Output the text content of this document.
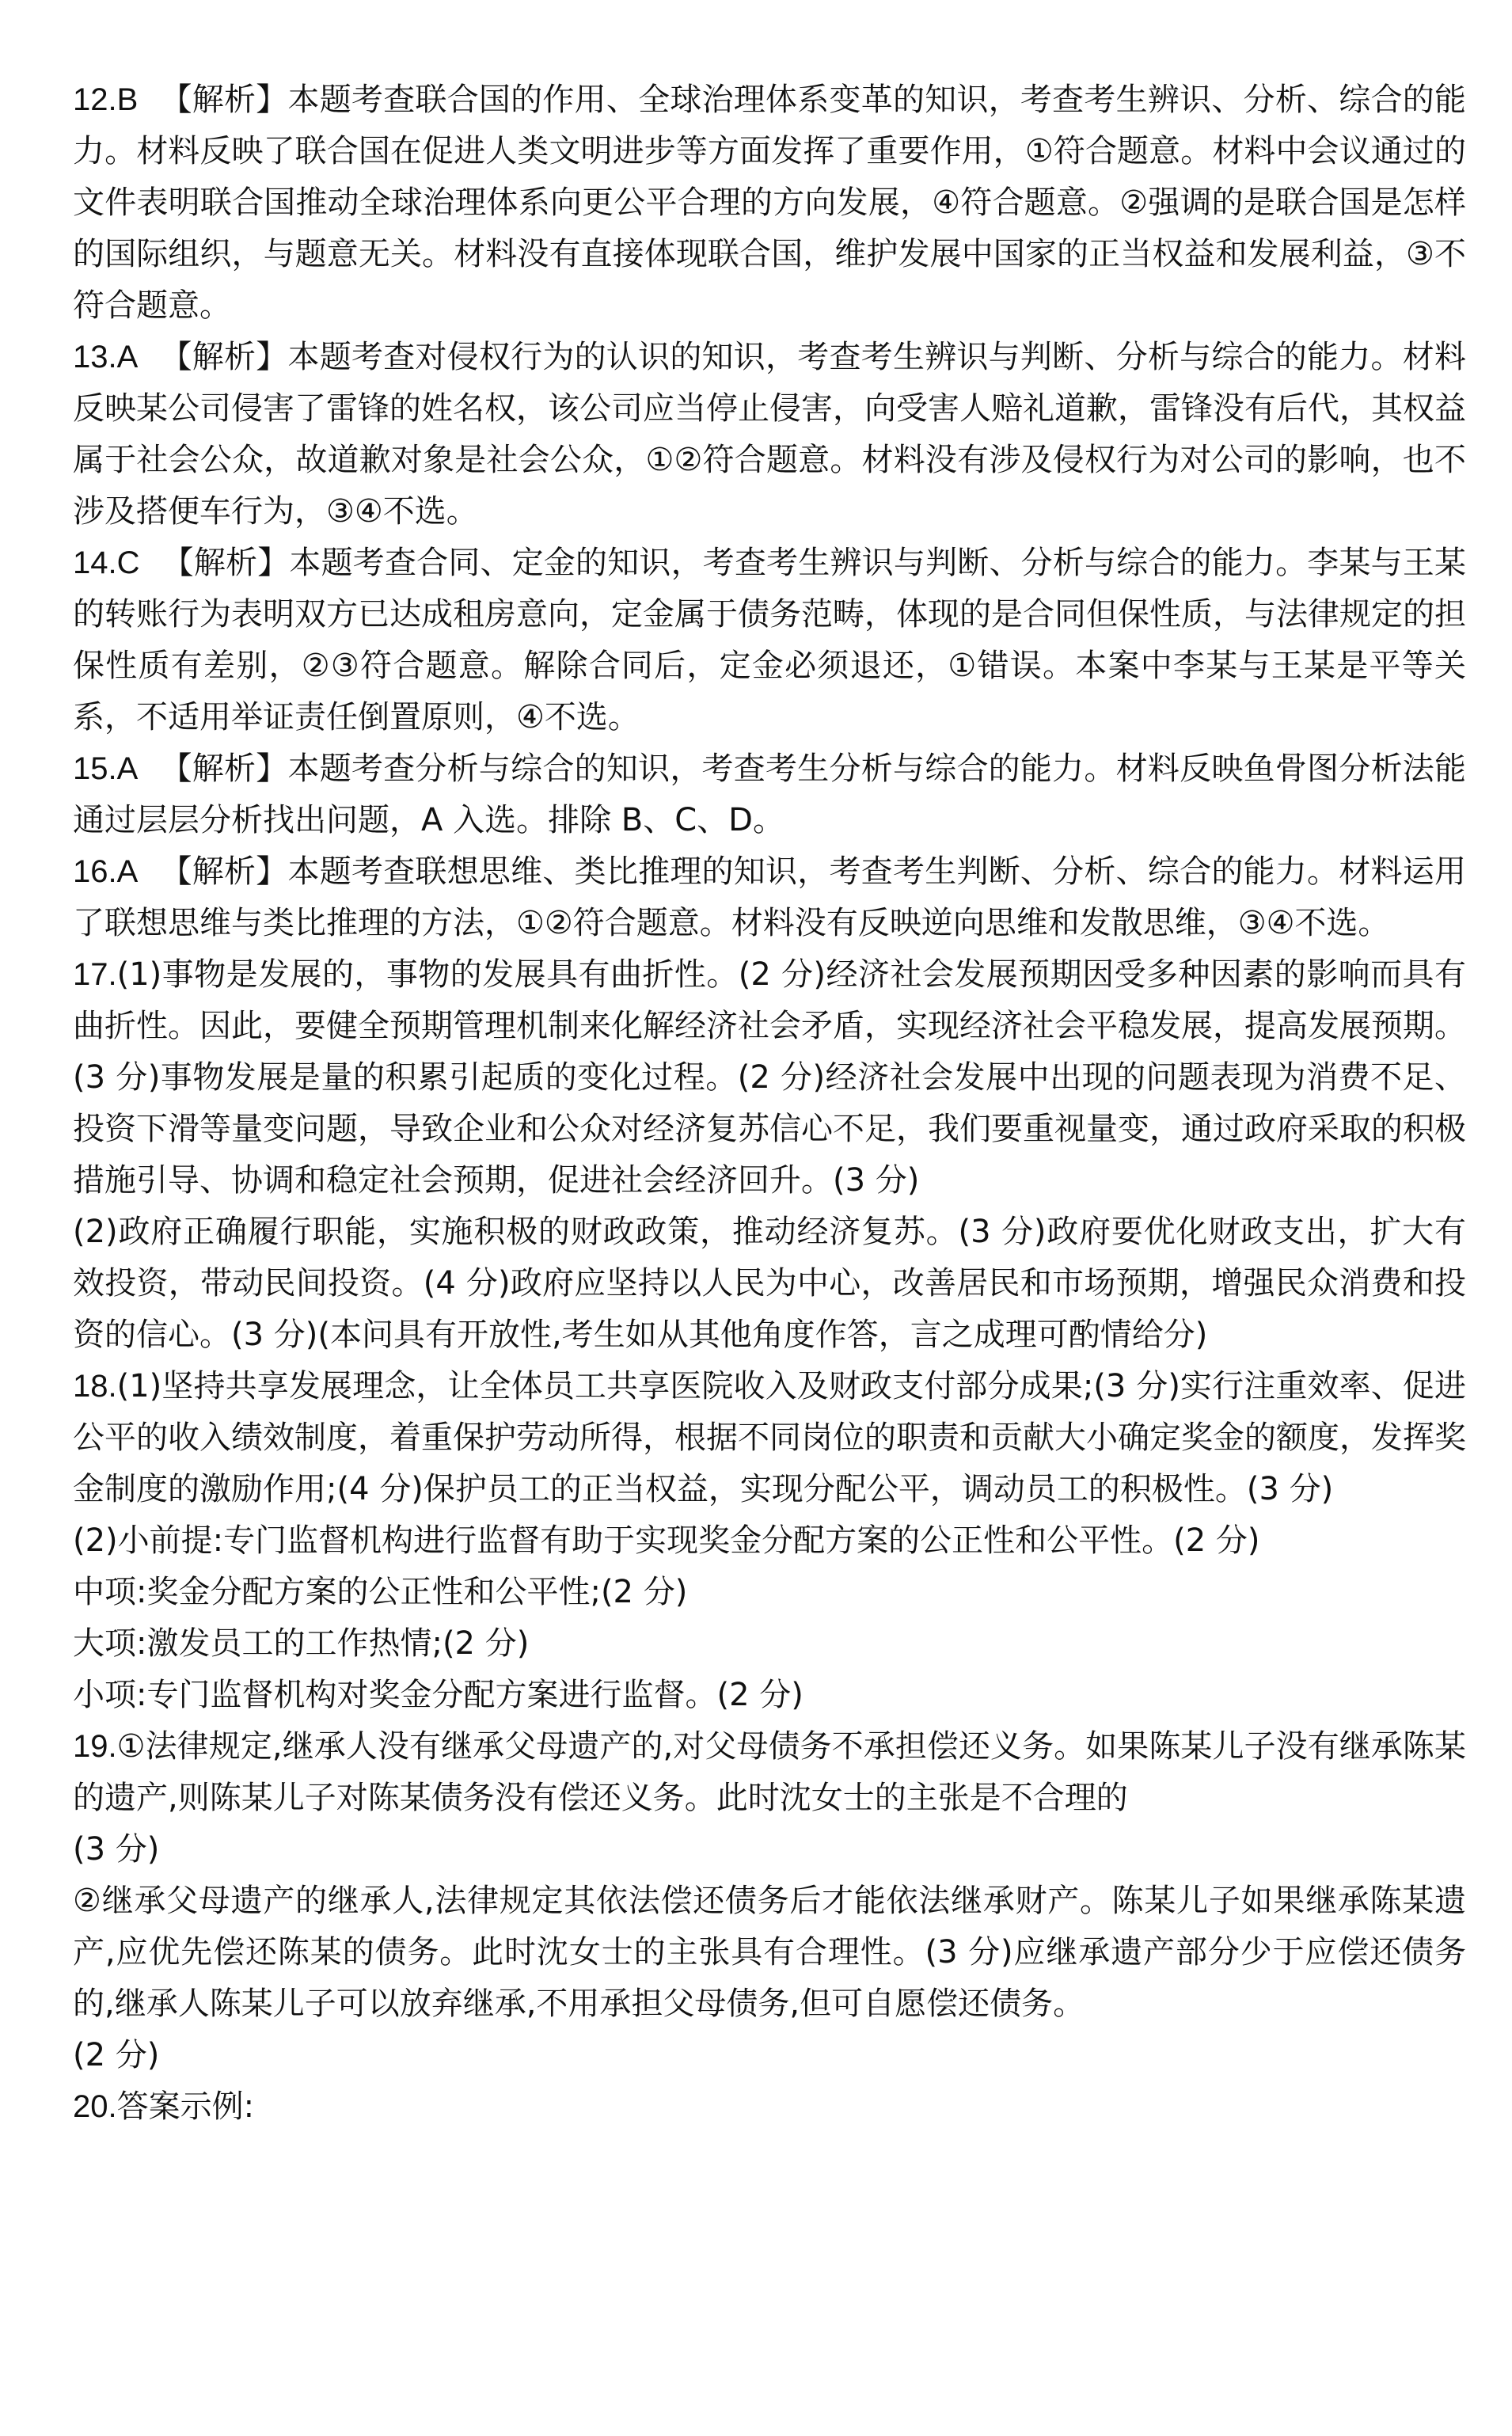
12.B 【解析】本题考查联合国的作用、全球治理体系变革的知识，考查考生辨识、分析、综合的能力。材料反映了联合国在促进人类文明进步等方面发挥了重要作用，①符合题意。材料中会议通过的文件表明联合国推动全球治理体系向更公平合理的方向发展，④符合题意。②强调的是联合国是怎样的国际组织，与题意无关。材料没有直接体现联合国，维护发展中国家的正当权益和发展利益，③不符合题意。

13.A 【解析】本题考查对侵权行为的认识的知识，考查考生辨识与判断、分析与综合的能力。材料反映某公司侵害了雷锋的姓名权，该公司应当停止侵害，向受害人赔礼道歉，雷锋没有后代，其权益属于社会公众，故道歉对象是社会公众，①②符合题意。材料没有涉及侵权行为对公司的影响，也不涉及搭便车行为，③④不选。

14.C 【解析】本题考查合同、定金的知识，考查考生辨识与判断、分析与综合的能力。李某与王某的转账行为表明双方已达成租房意向，定金属于债务范畴，体现的是合同但保性质，与法律规定的担保性质有差别，②③符合题意。解除合同后，定金必须退还，①错误。本案中李某与王某是平等关系，不适用举证责任倒置原则，④不选。

15.A 【解析】本题考查分析与综合的知识，考查考生分析与综合的能力。材料反映鱼骨图分析法能通过层层分析找出问题，A 入选。排除 B、C、D。

16.A 【解析】本题考查联想思维、类比推理的知识，考查考生判断、分析、综合的能力。材料运用了联想思维与类比推理的方法，①②符合题意。材料没有反映逆向思维和发散思维，③④不选。

17.(1)事物是发展的，事物的发展具有曲折性。(2 分)经济社会发展预期因受多种因素的影响而具有曲折性。因此，要健全预期管理机制来化解经济社会矛盾，实现经济社会平稳发展，提高发展预期。(3 分)事物发展是量的积累引起质的变化过程。(2 分)经济社会发展中出现的问题表现为消费不足、投资下滑等量变问题，导致企业和公众对经济复苏信心不足，我们要重视量变，通过政府采取的积极措施引导、协调和稳定社会预期，促进社会经济回升。(3 分)

(2)政府正确履行职能，实施积极的财政政策，推动经济复苏。(3 分)政府要优化财政支出，扩大有效投资，带动民间投资。(4 分)政府应坚持以人民为中心，改善居民和市场预期，增强民众消费和投资的信心。(3 分)(本问具有开放性,考生如从其他角度作答，言之成理可酌情给分)

18.(1)坚持共享发展理念，让全体员工共享医院收入及财政支付部分成果;(3 分)实行注重效率、促进公平的收入绩效制度，着重保护劳动所得，根据不同岗位的职责和贡献大小确定奖金的额度，发挥奖金制度的激励作用;(4 分)保护员工的正当权益，实现分配公平，调动员工的积极性。(3 分)

(2)小前提:专门监督机构进行监督有助于实现奖金分配方案的公正性和公平性。(2 分)

中项:奖金分配方案的公正性和公平性;(2 分)

大项:激发员工的工作热情;(2 分)

小项:专门监督机构对奖金分配方案进行监督。(2 分)

19.①法律规定,继承人没有继承父母遗产的,对父母债务不承担偿还义务。如果陈某儿子没有继承陈某的遗产,则陈某儿子对陈某债务没有偿还义务。此时沈女士的主张是不合理的

(3 分)

②继承父母遗产的继承人,法律规定其依法偿还债务后才能依法继承财产。陈某儿子如果继承陈某遗产,应优先偿还陈某的债务。此时沈女士的主张具有合理性。(3 分)应继承遗产部分少于应偿还债务的,继承人陈某儿子可以放弃继承,不用承担父母债务,但可自愿偿还债务。

(2 分)

20.答案示例:
